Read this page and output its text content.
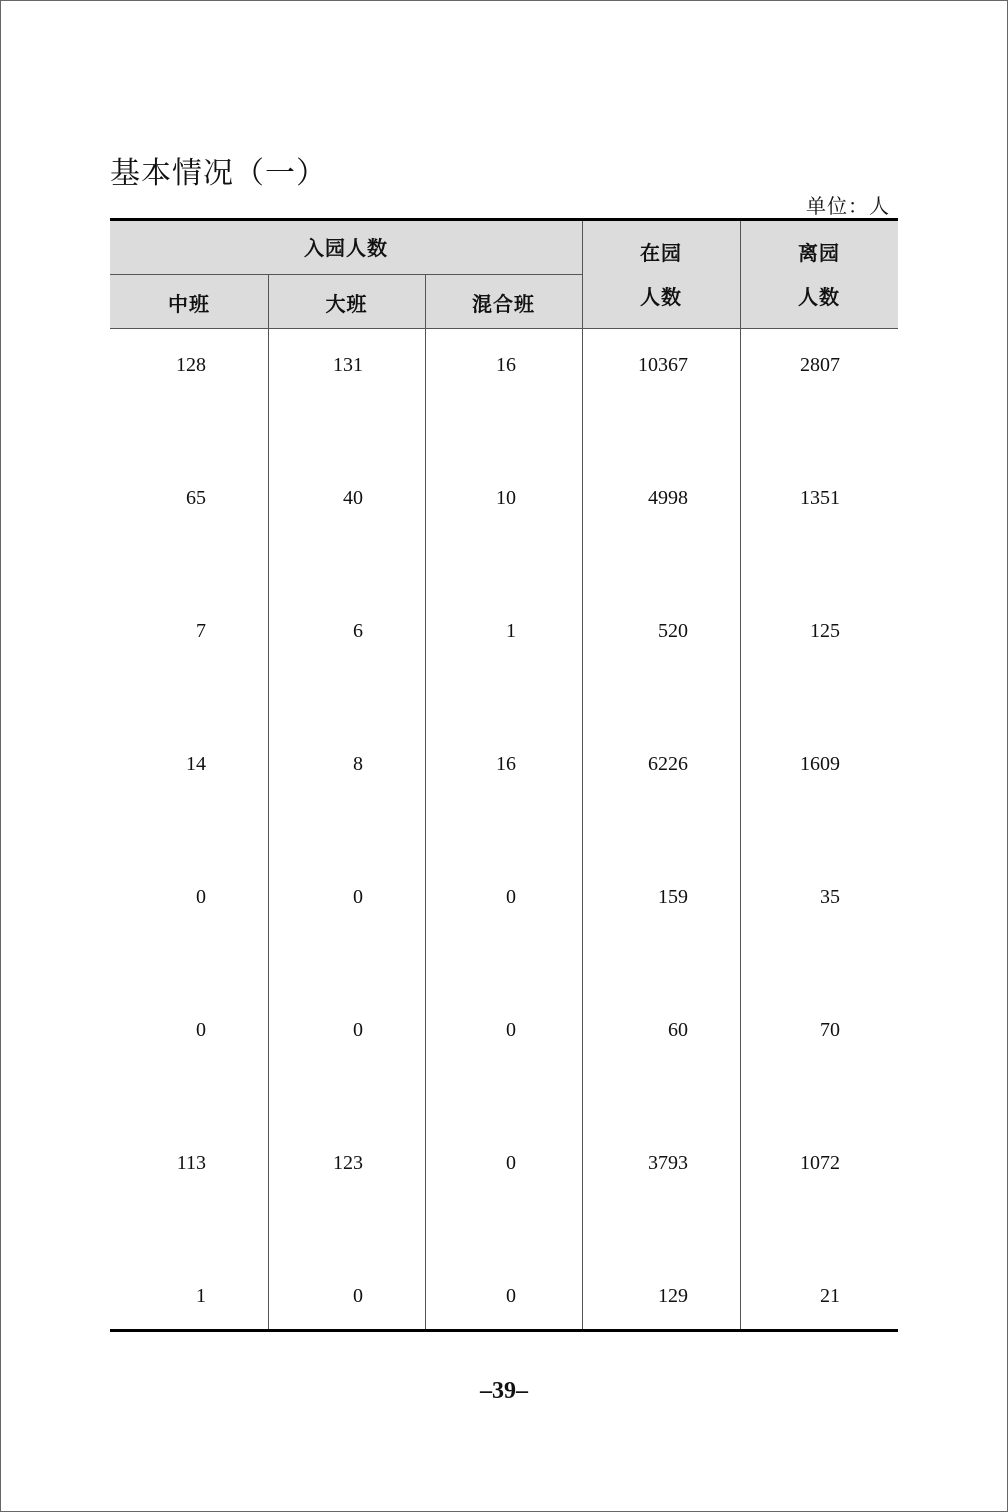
基本情况（一）
单位：人
入园人数
中班	大班	混合班
在园
人数
离园
人数
128	131	16	10367	2807
65	40	10	4998	1351
7	6	1	520	125
14	8	16	6226	1609
0	0	0	159	35
0	0	0	60	70
113	123	0	3793	1072
1	0	0	129	21
–39–
